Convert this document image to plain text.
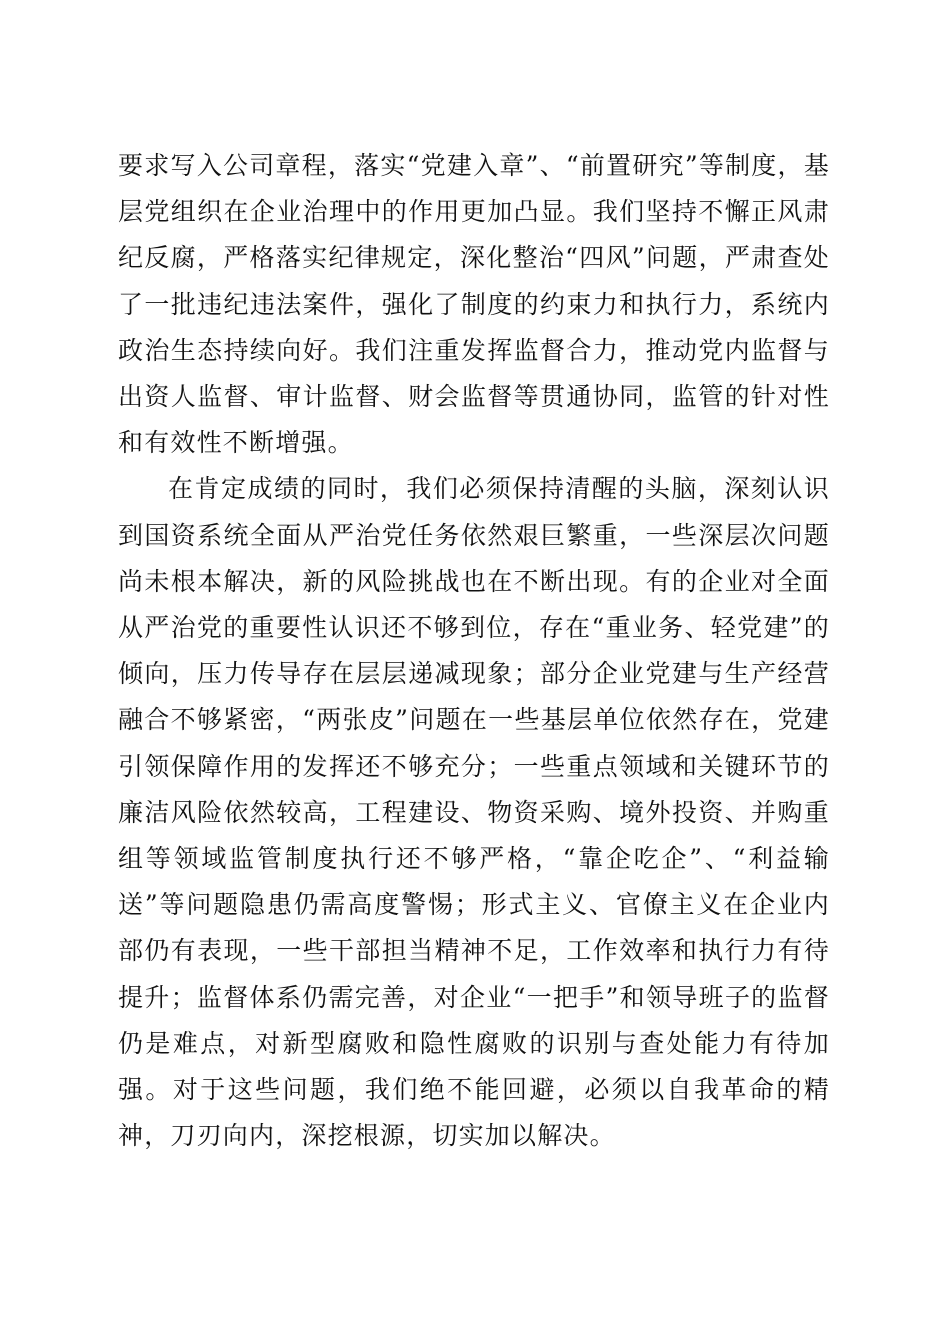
要求写入公司章程，落实“党建入章”、“前置研究”等制度，基层党组织在企业治理中的作用更加凸显。我们坚持不懈正风肃纪反腐，严格落实纪律规定，深化整治“四风”问题，严肃查处了一批违纪违法案件，强化了制度的约束力和执行力，系统内政治生态持续向好。我们注重发挥监督合力，推动党内监督与出资人监督、审计监督、财会监督等贯通协同，监管的针对性和有效性不断增强。

在肯定成绩的同时，我们必须保持清醒的头脑，深刻认识到国资系统全面从严治党任务依然艰巨繁重，一些深层次问题尚未根本解决，新的风险挑战也在不断出现。有的企业对全面从严治党的重要性认识还不够到位，存在“重业务、轻党建”的倾向，压力传导存在层层递减现象；部分企业党建与生产经营融合不够紧密，“两张皮”问题在一些基层单位依然存在，党建引领保障作用的发挥还不够充分；一些重点领域和关键环节的廉洁风险依然较高，工程建设、物资采购、境外投资、并购重组等领域监管制度执行还不够严格，“靠企吃企”、“利益输送”等问题隐患仍需高度警惕；形式主义、官僚主义在企业内部仍有表现，一些干部担当精神不足，工作效率和执行力有待提升；监督体系仍需完善，对企业“一把手”和领导班子的监督仍是难点，对新型腐败和隐性腐败的识别与查处能力有待加强。对于这些问题，我们绝不能回避，必须以自我革命的精神，刀刃向内，深挖根源，切实加以解决。
